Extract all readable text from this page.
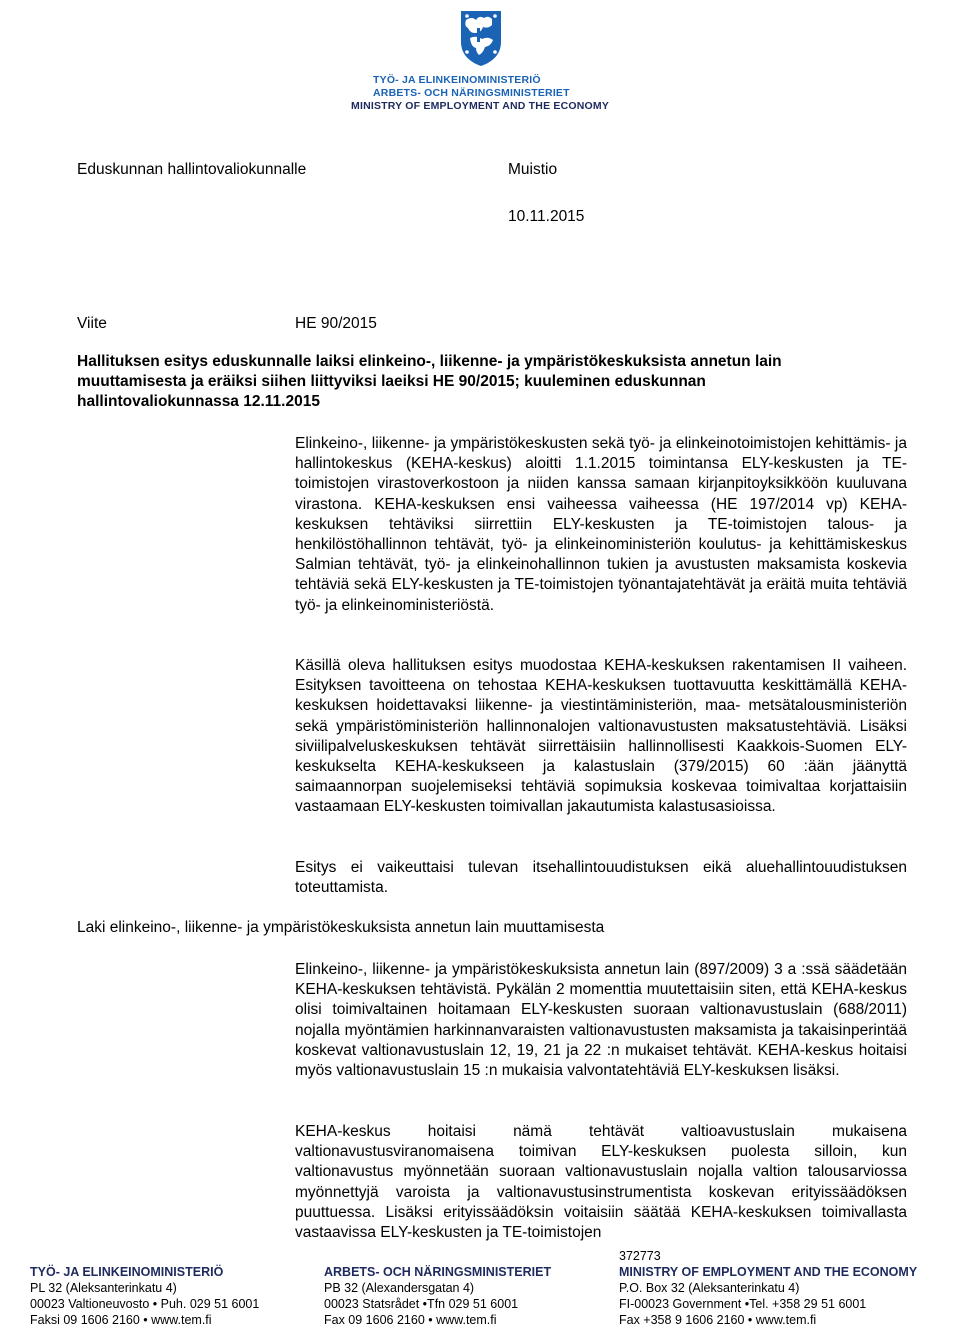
TYÖ- JA ELINKEINOMINISTERIÖ
ARBETS- OCH NÄRINGSMINISTERIET
MINISTRY OF EMPLOYMENT AND THE ECONOMY
Eduskunnan hallintovaliokunnalle	Muistio
10.11.2015
Viite	HE 90/2015
Hallituksen esitys eduskunnalle laiksi elinkeino-, liikenne- ja ympäristökeskuksista annetun lain
muuttamisesta ja eräiksi siihen liittyviksi laeiksi HE 90/2015; kuuleminen eduskunnan
hallintovaliokunnassa 12.11.2015
Elinkeino-, liikenne- ja ympäristökeskusten sekä työ- ja elinkeinotoimistojen kehittämis- ja hallintokeskus (KEHA-keskus) aloitti 1.1.2015 toimintansa ELY-keskusten ja TE-toimistojen virastoverkostoon ja niiden kanssa samaan kirjanpitoyksikköön kuuluvana virastona. KEHA-keskuksen ensi vaiheessa vaiheessa (HE 197/2014 vp) KEHA-keskuksen tehtäviksi siirrettiin ELY-keskusten ja TE-toimistojen talous- ja henkilöstöhallinnon tehtävät, työ- ja elinkeinoministeriön koulutus- ja kehittämiskeskus Salmian tehtävät, työ- ja elinkeinohallinnon tukien ja avustusten maksamista koskevia tehtäviä sekä ELY-keskusten ja TE-toimistojen työnantajatehtävät ja eräitä muita tehtäviä työ- ja elinkeinoministeriöstä.
Käsillä oleva hallituksen esitys muodostaa KEHA-keskuksen rakentamisen II vaiheen. Esityksen tavoitteena on tehostaa KEHA-keskuksen tuottavuutta keskittämällä KEHA-keskuksen hoidettavaksi liikenne- ja viestintäministeriön, maa- metsätalousministeriön sekä ympäristöministeriön hallinnonalojen valtionavustusten maksatustehtäviä. Lisäksi siviilipalveluskeskuksen tehtävät siirrettäisiin hallinnollisesti Kaakkois-Suomen ELY-keskukselta KEHA-keskukseen ja kalastuslain (379/2015) 60 :ään jäänyttä saimaannorpan suojelemiseksi tehtäviä sopimuksia koskevaa toimivaltaa korjattaisiin vastaamaan ELY-keskusten toimivallan jakautumista kalastusasioissa.
Esitys ei vaikeuttaisi tulevan itsehallintouudistuksen eikä aluehallintouudistuksen toteuttamista.
Laki elinkeino-, liikenne- ja ympäristökeskuksista annetun lain muuttamisesta
Elinkeino-, liikenne- ja ympäristökeskuksista annetun lain (897/2009) 3 a :ssä säädetään KEHA-keskuksen tehtävistä. Pykälän 2 momenttia muutettaisiin siten, että KEHA-keskus olisi toimivaltainen hoitamaan ELY-keskusten suoraan valtionavustuslain (688/2011) nojalla myöntämien harkinnanvaraisten valtionavustusten maksamista ja takaisinperintää koskevat valtionavustuslain 12, 19, 21 ja 22 :n mukaiset tehtävät. KEHA-keskus hoitaisi myös valtionavustuslain 15 :n mukaisia valvontatehtäviä ELY-keskuksen lisäksi.
KEHA-keskus hoitaisi nämä tehtävät valtioavustuslain mukaisena valtionavustusviranomaisena toimivan ELY-keskuksen puolesta silloin, kun valtionavustus myönnetään suoraan valtionavustuslain nojalla valtion talousarviossa myönnettyjä varoista ja valtionavustusinstrumentista koskevan erityissäädöksen puuttuessa. Lisäksi erityissäädöksin voitaisiin säätää KEHA-keskuksen toimivallasta vastaavissa ELY-keskusten ja TE-toimistojen
372773
TYÖ- JA ELINKEINOMINISTERIÖ
PL 32 (Aleksanterinkatu 4)
00023 Valtioneuvosto • Puh. 029 51 6001
Faksi 09 1606 2160 • www.tem.fi
ARBETS- OCH NÄRINGSMINISTERIET
PB 32 (Alexandersgatan 4)
00023 Statsrådet •Tfn 029 51 6001
Fax 09 1606 2160 • www.tem.fi
MINISTRY OF EMPLOYMENT AND THE ECONOMY
P.O. Box 32 (Aleksanterinkatu 4)
FI-00023 Government •Tel. +358 29 51 6001
Fax +358 9 1606 2160 • www.tem.fi
